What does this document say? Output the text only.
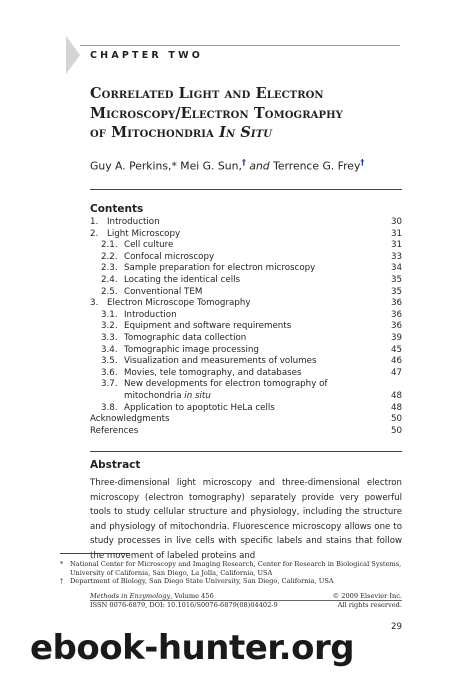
CHAPTER TWO
Correlated Light and Electron
Microscopy/Electron Tomography
of Mitochondria In Situ
Guy A. Perkins,* Mei G. Sun,† and Terrence G. Frey†
Contents
1. Introduction	30
2. Light Microscopy	31
2.1. Cell culture	31
2.2. Confocal microscopy	33
2.3. Sample preparation for electron microscopy	34
2.4. Locating the identical cells	35
2.5. Conventional TEM	35
3. Electron Microscope Tomography	36
3.1. Introduction	36
3.2. Equipment and software requirements	36
3.3. Tomographic data collection	39
3.4. Tomographic image processing	45
3.5. Visualization and measurements of volumes	46
3.6. Movies, tele tomography, and databases	47
3.7. New developments for electron tomography of
mitochondria in situ	48
3.8. Application to apoptotic HeLa cells	48
Acknowledgments	50
References	50
Abstract

Three-dimensional light microscopy and three-dimensional electron microscopy (electron tomography) separately provide very powerful tools to study cellular structure and physiology, including the structure and physiology of mitochondria. Fluorescence microscopy allows one to study processes in live cells with specific labels and stains that follow the movement of labeled proteins and

* National Center for Microscopy and Imaging Research, Center for Research in Biological Systems, University of California, San Diego, La Jolla, California, USA
† Department of Biology, San Diego State University, San Diego, California, USA
Methods in Enzymology, Volume 456	© 2009 Elsevier Inc.
ISSN 0076-6879, DOI: 10.1016/S0076-6879(08)04402-9	All rights reserved.
29
ebook-hunter.org
